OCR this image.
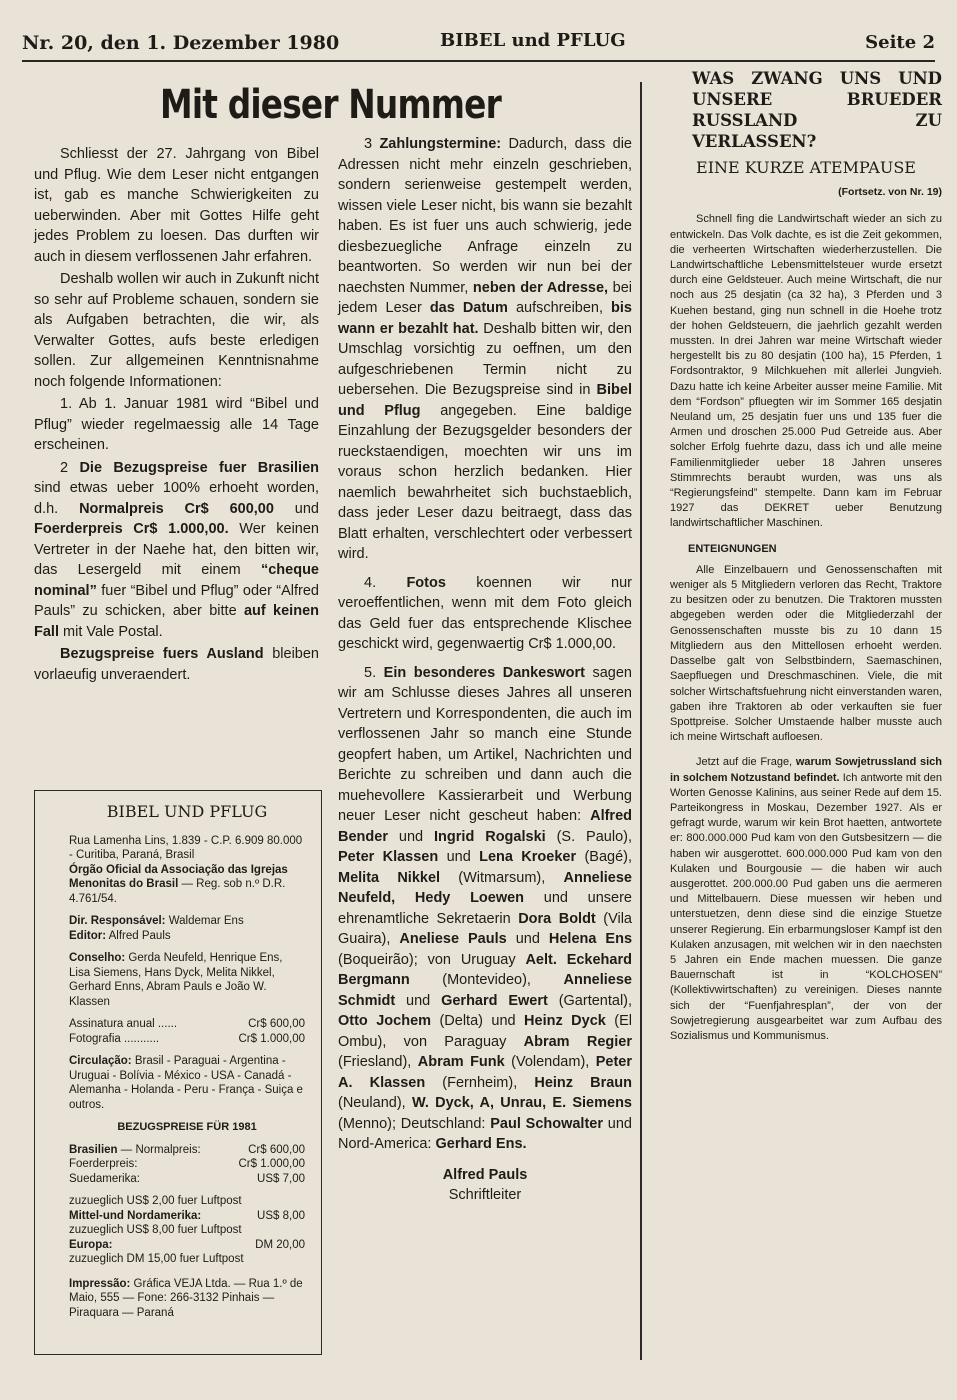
Nr. 20, den 1. Dezember 1980	BIBEL und PFLUG	Seite 2
Mit dieser Nummer

Schliesst der 27. Jahrgang von Bibel und Pflug. Wie dem Leser nicht entgangen ist, gab es manche Schwierigkeiten zu ueberwinden. Aber mit Gottes Hilfe geht jedes Problem zu loesen. Das durften wir auch in diesem verflossenen Jahr erfahren.

Deshalb wollen wir auch in Zukunft nicht so sehr auf Probleme schauen, sondern sie als Aufgaben betrachten, die wir, als Verwalter Gottes, aufs beste erledigen sollen. Zur allgemeinen Kenntnisnahme noch folgende Informationen:

1. Ab 1. Januar 1981 wird “Bibel und Pflug” wieder regelmaessig alle 14 Tage erscheinen.

2 Die Bezugspreise fuer Brasilien sind etwas ueber 100% erhoeht worden, d.h. Normalpreis Cr$ 600,00 und Foerderpreis Cr$ 1.000,00. Wer keinen Vertreter in der Naehe hat, den bitten wir, das Lesergeld mit einem “cheque nominal” fuer “Bibel und Pflug” oder “Alfred Pauls” zu schicken, aber bitte auf keinen Fall mit Vale Postal.

Bezugspreise fuers Ausland bleiben vorlaeufig unveraendert.

BIBEL UND PFLUG

Rua Lamenha Lins, 1.839 - C.P. 6.909 80.000 - Curitiba, Paraná, Brasil
Órgão Oficial da Associação das Igrejas Menonitas do Brasil — Reg. sob n.º D.R. 4.761/54.

Dir. Responsável: Waldemar Ens
Editor: Alfred Pauls

Conselho: Gerda Neufeld, Henrique Ens, Lisa Siemens, Hans Dyck, Melita Nikkel, Gerhard Enns, Abram Pauls e João W. Klassen

Assinatura anual ......	Cr$ 600,00
Fotografia ...........	Cr$ 1.000,00

Circulação: Brasil - Paraguai - Argentina - Uruguai - Bolívia - México - USA - Canadá - Alemanha - Holanda - Peru - França - Suiça e outros.

BEZUGSPREISE FÜR 1981
Brasilien — Normalpreis:	Cr$ 600,00
Foerderpreis:	Cr$ 1.000,00
Suedamerika:	US$ 7,00
zuzueglich US$ 2,00 fuer Luftpost
Mittel-und Nordamerika:	US$ 8,00
zuzueglich US$ 8,00 fuer Luftpost
Europa:	DM 20,00
zuzueglich DM 15,00 fuer Luftpost

Impressão: Gráfica VEJA Ltda. — Rua 1.º de Maio, 555 — Fone: 266-3132 Pinhais — Piraquara — Paraná

3 Zahlungstermine: Dadurch, dass die Adressen nicht mehr einzeln geschrieben, sondern serienweise gestempelt werden, wissen viele Leser nicht, bis wann sie bezahlt haben. Es ist fuer uns auch schwierig, jede diesbezuegliche Anfrage einzeln zu beantworten. So werden wir nun bei der naechsten Nummer, neben der Adresse, bei jedem Leser das Datum aufschreiben, bis wann er bezahlt hat. Deshalb bitten wir, den Umschlag vorsichtig zu oeffnen, um den aufgeschriebenen Termin nicht zu uebersehen. Die Bezugspreise sind in Bibel und Pflug angegeben. Eine baldige Einzahlung der Bezugsgelder besonders der rueckstaendigen, moechten wir uns im voraus schon herzlich bedanken. Hier naemlich bewahrheitet sich buchstaeblich, dass jeder Leser dazu beitraegt, dass das Blatt erhalten, verschlechtert oder verbessert wird.

4. Fotos koennen wir nur veroeffentlichen, wenn mit dem Foto gleich das Geld fuer das entsprechende Klischee geschickt wird, gegenwaertig Cr$ 1.000,00.

5. Ein besonderes Dankeswort sagen wir am Schlusse dieses Jahres all unseren Vertretern und Korrespondenten, die auch im verflossenen Jahr so manch eine Stunde geopfert haben, um Artikel, Nachrichten und Berichte zu schreiben und dann auch die muehevollere Kassierarbeit und Werbung neuer Leser nicht gescheut haben: Alfred Bender und Ingrid Rogalski (S. Paulo), Peter Klassen und Lena Kroeker (Bagé), Melita Nikkel (Witmarsum), Anneliese Neufeld, Hedy Loewen und unsere ehrenamtliche Sekretaerin Dora Boldt (Vila Guaira), Aneliese Pauls und Helena Ens (Boqueirão); von Uruguay Aelt. Eckehard Bergmann (Montevideo), Anneliese Schmidt und Gerhard Ewert (Gartental), Otto Jochem (Delta) und Heinz Dyck (El Ombu), von Paraguay Abram Regier (Friesland), Abram Funk (Volendam), Peter A. Klassen (Fernheim), Heinz Braun (Neuland), W. Dyck, A, Unrau, E. Siemens (Menno); Deutschland: Paul Schowalter und Nord-America: Gerhard Ens.

Alfred Pauls
Schriftleiter
WAS ZWANG UNS UND UNSERE BRUEDER RUSSLAND ZU VERLASSEN?
EINE KURZE ATEMPAUSE
(Fortsetz. von Nr. 19)

Schnell fing die Landwirtschaft wieder an sich zu entwickeln. Das Volk dachte, es ist die Zeit gekommen, die verheerten Wirtschaften wiederherzustellen. Die Landwirtschaftliche Lebensmittelsteuer wurde ersetzt durch eine Geldsteuer. Auch meine Wirtschaft, die nur noch aus 25 desjatin (ca 32 ha), 3 Pferden und 3 Kuehen bestand, ging nun schnell in die Hoehe trotz der hohen Geldsteuern, die jaehrlich gezahlt werden mussten. In drei Jahren war meine Wirtschaft wieder hergestellt bis zu 80 desjatin (100 ha), 15 Pferden, 1 Fordsontraktor, 9 Milchkuehen mit allerlei Jungvieh. Dazu hatte ich keine Arbeiter ausser meine Familie. Mit dem “Fordson” pfluegten wir im Sommer 165 desjatin Neuland um, 25 desjatin fuer uns und 135 fuer die Armen und droschen 25.000 Pud Getreide aus. Aber solcher Erfolg fuehrte dazu, dass ich und alle meine Familienmitglieder ueber 18 Jahren unseres Stimmrechts beraubt wurden, was uns als “Regierungsfeind” stempelte. Dann kam im Februar 1927 das DEKRET ueber Benutzung landwirtschaftlicher Maschinen.

ENTEIGNUNGEN

Alle Einzelbauern und Genossenschaften mit weniger als 5 Mitgliedern verloren das Recht, Traktore zu besitzen oder zu benutzen. Die Traktoren mussten abgegeben werden oder die Mitgliederzahl der Genossenschaften musste bis zu 10 dann 15 Mitgliedern aus den Mittellosen erhoeht werden. Dasselbe galt von Selbstbindern, Saemaschinen, Saepfluegen und Dreschmaschinen. Viele, die mit solcher Wirtschaftsfuehrung nicht einverstanden waren, gaben ihre Traktoren ab oder verkauften sie fuer Spottpreise. Solcher Umstaende halber musste auch ich meine Wirtschaft aufloesen.

Jetzt auf die Frage, warum Sowjetrussland sich in solchem Notzustand befindet. Ich antworte mit den Worten Genosse Kalinins, aus seiner Rede auf dem 15. Parteikongress in Moskau, Dezember 1927. Als er gefragt wurde, warum wir kein Brot haetten, antwortete er: 800.000.000 Pud kam von den Gutsbesitzern — die haben wir ausgerottet. 600.000.000 Pud kam von den Kulaken und Bourgousie — die haben wir auch ausgerottet. 200.000.00 Pud gaben uns die aermeren und Mittelbauern. Diese muessen wir heben und unterstuetzen, denn diese sind die einzige Stuetze unserer Regierung. Ein erbarmungsloser Kampf ist den Kulaken anzusagen, mit welchen wir in den naechsten 5 Jahren ein Ende machen muessen. Die ganze Bauernschaft ist in “KOLCHOSEN” (Kollektivwirtschaften) zu vereinigen. Dieses nannte sich der “Fuenfjahresplan”, der von der Sowjetregierung ausgearbeitet war zum Aufbau des Sozialismus und Kommunismus.
